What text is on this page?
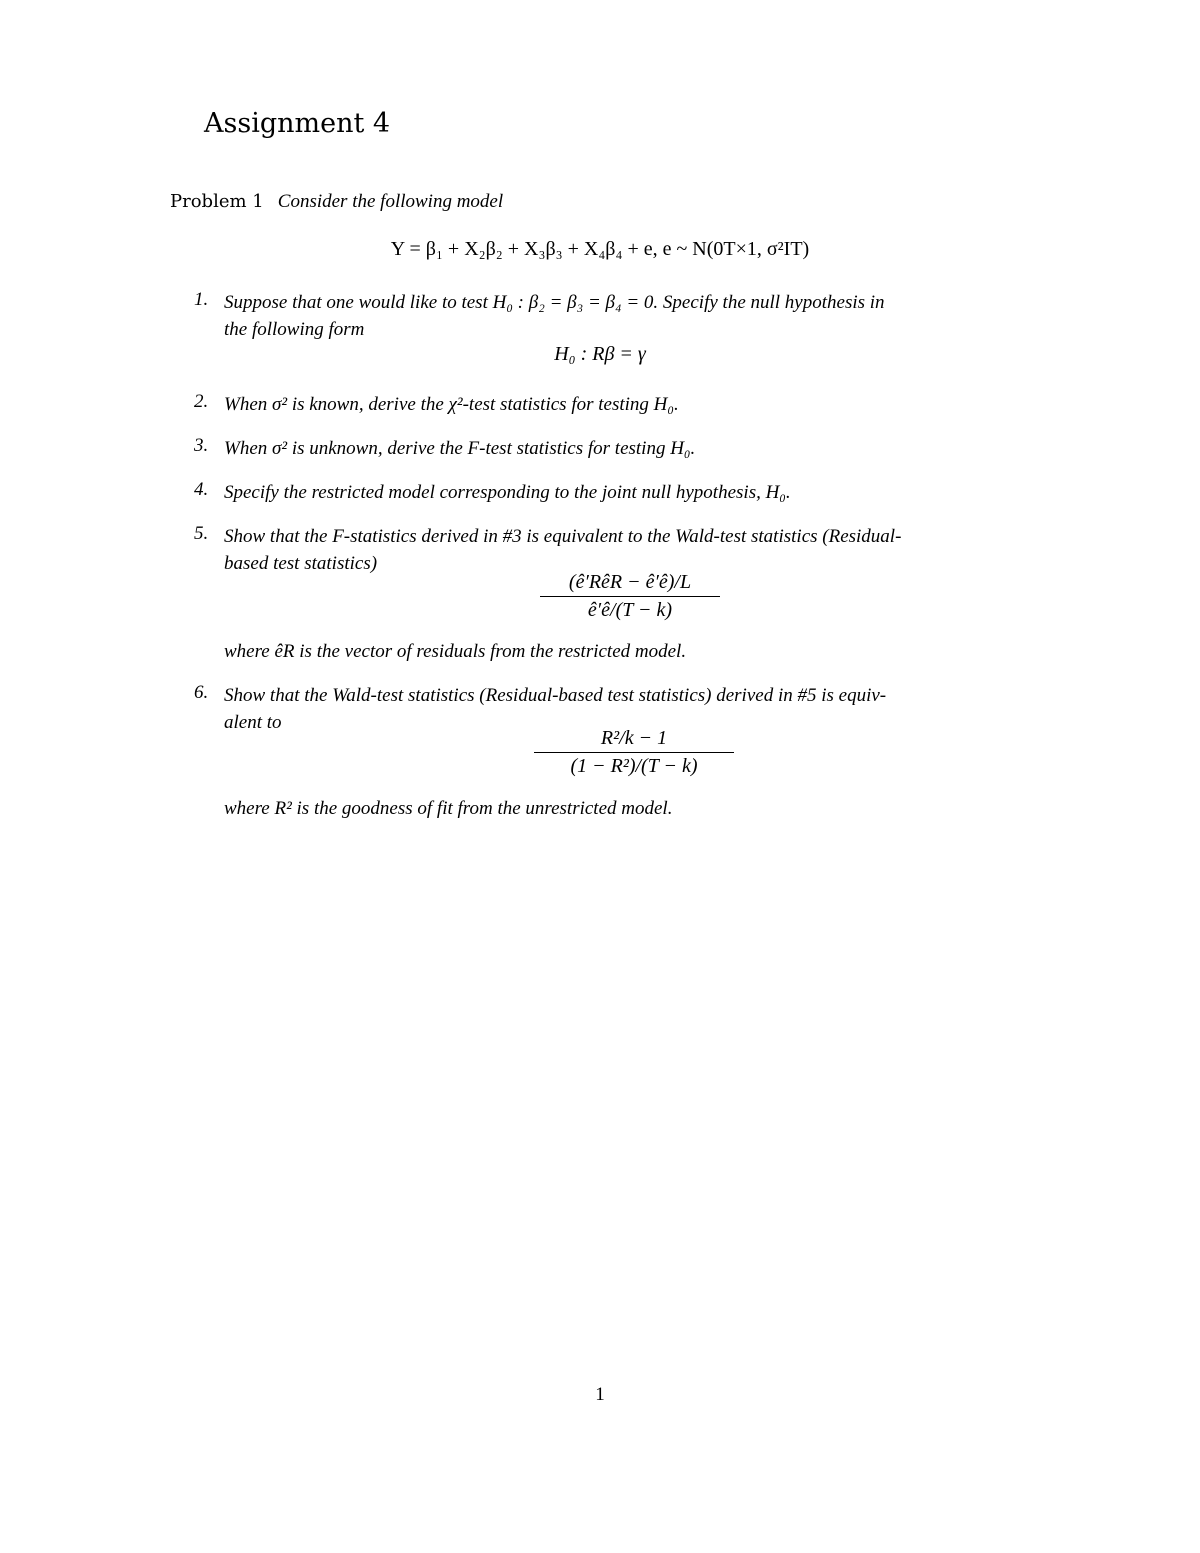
Assignment 4
Problem 1 Consider the following model
Y = β₁ + X₂β₂ + X₃β₃ + X₄β₄ + e, e ~ N(0T×1, σ²IT)
1. Suppose that one would like to test H₀ : β₂ = β₃ = β₄ = 0. Specify the null hypothesis in
the following form
H₀ : Rβ = γ
2. When σ² is known, derive the χ²-test statistics for testing H₀.
3. When σ² is unknown, derive the F-test statistics for testing H₀.
4. Specify the restricted model corresponding to the joint null hypothesis, H₀.
5. Show that the F-statistics derived in #3 is equivalent to the Wald-test statistics (Residual-
based test statistics)
(ê′RêR − ê′ê)/L
ê′ê/(T − k)
where êR is the vector of residuals from the restricted model.
6. Show that the Wald-test statistics (Residual-based test statistics) derived in #5 is equiv-
alent to
$\frac{\text{R²/k − 1}}{\text{(1 − R²)/(T − k)}}$
where R² is the goodness of fit from the unrestricted model.
1
